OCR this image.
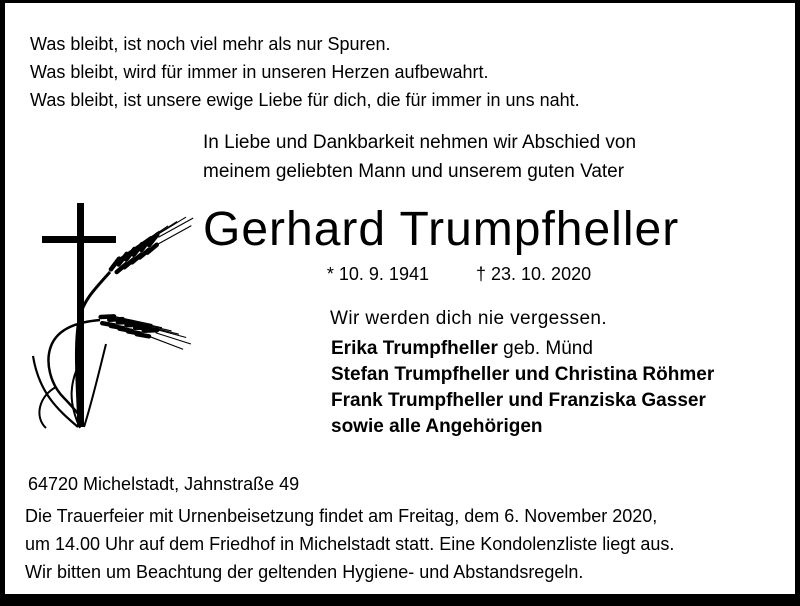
Was bleibt, ist noch viel mehr als nur Spuren.
Was bleibt, wird für immer in unseren Herzen aufbewahrt.
Was bleibt, ist unsere ewige Liebe für dich, die für immer in uns naht.
In Liebe und Dankbarkeit nehmen wir Abschied von
meinem geliebten Mann und unserem guten Vater
Gerhard Trumpfheller
* 10. 9. 1941	† 23. 10. 2020
Wir werden dich nie vergessen.
Erika Trumpfheller geb. Münd
Stefan Trumpfheller und Christina Röhmer
Frank Trumpfheller und Franziska Gasser
sowie alle Angehörigen
64720 Michelstadt, Jahnstraße 49
Die Trauerfeier mit Urnenbeisetzung findet am Freitag, dem 6. November 2020,
um 14.00 Uhr auf dem Friedhof in Michelstadt statt. Eine Kondolenzliste liegt aus.
Wir bitten um Beachtung der geltenden Hygiene- und Abstandsregeln.
